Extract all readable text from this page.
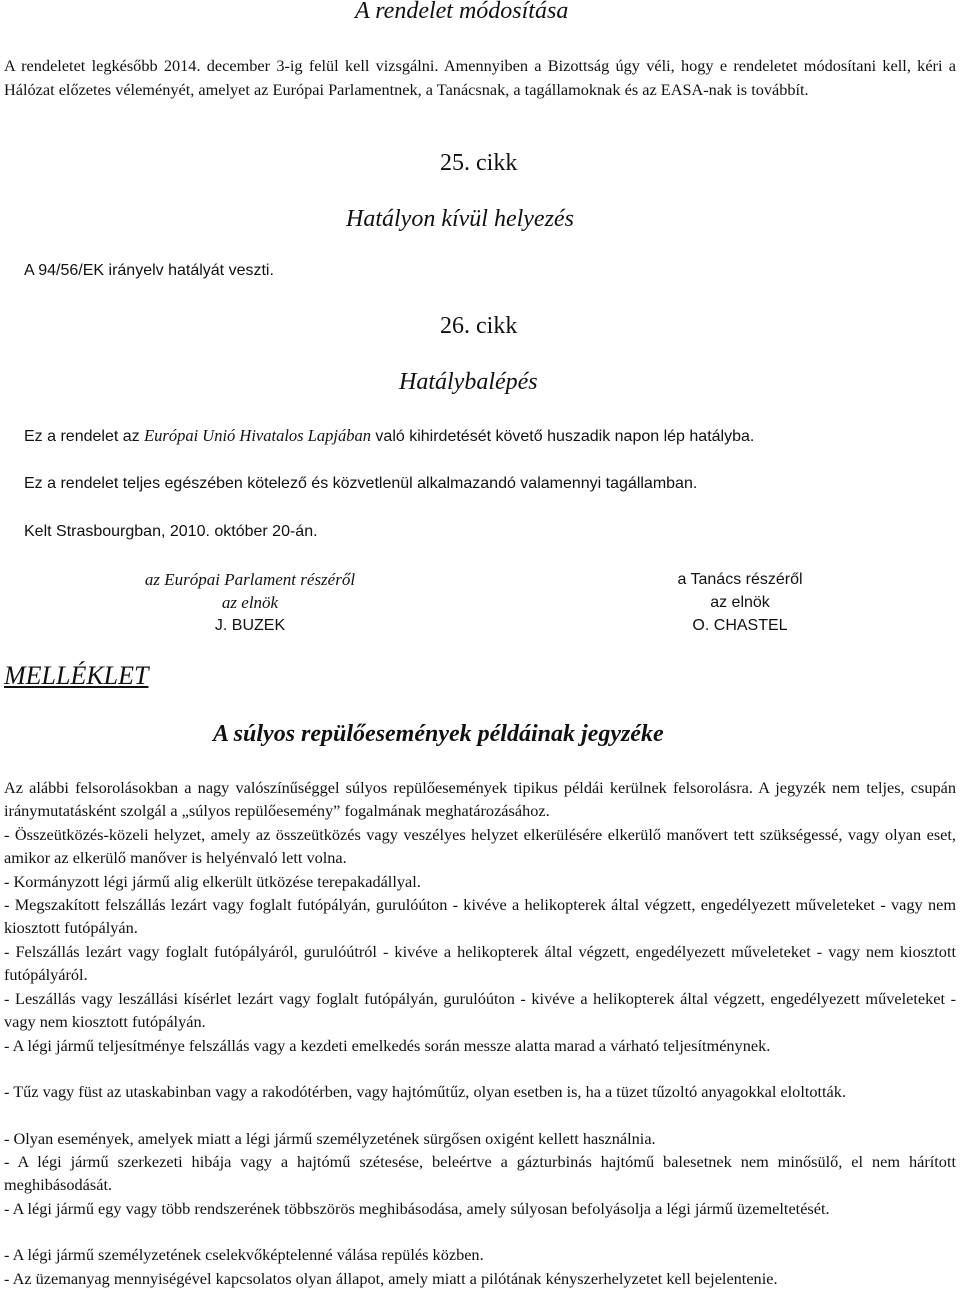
A rendelet módosítása
A rendeletet legkésőbb 2014. december 3-ig felül kell vizsgálni. Amennyiben a Bizottság úgy véli, hogy e rendeletet módosítani kell, kéri a Hálózat előzetes véleményét, amelyet az Európai Parlamentnek, a Tanácsnak, a tagállamoknak és az EASA-nak is továbbít.
25. cikk
Hatályon kívül helyezés
A 94/56/EK irányelv hatályát veszti.
26. cikk
Hatálybalépés
Ez a rendelet az Európai Unió Hivatalos Lapjában való kihirdetését követő huszadik napon lép hatályba.
Ez a rendelet teljes egészében kötelező és közvetlenül alkalmazandó valamennyi tagállamban.
Kelt Strasbourgban, 2010. október 20-án.
az Európai Parlament részéről
az elnök
J. BUZEK
a Tanács részéről
az elnök
O. CHASTEL
MELLÉKLET
A súlyos repülőesemények példáinak jegyzéke
Az alábbi felsorolásokban a nagy valószínűséggel súlyos repülőesemények tipikus példái kerülnek felsorolásra. A jegyzék nem teljes, csupán iránymutatásként szolgál a „súlyos repülőesemény” fogalmának meghatározásához.
- Összeütközés-közeli helyzet, amely az összeütközés vagy veszélyes helyzet elkerülésére elkerülő manővert tett szükségessé, vagy olyan eset, amikor az elkerülő manőver is helyénvaló lett volna.
- Kormányzott légi jármű alig elkerült ütközése terepakadállyal.
- Megszakított felszállás lezárt vagy foglalt futópályán, gurulóúton - kivéve a helikopterek által végzett, engedélyezett műveleteket - vagy nem kiosztott futópályán.
- Felszállás lezárt vagy foglalt futópályáról, gurulóútról - kivéve a helikopterek által végzett, engedélyezett műveleteket - vagy nem kiosztott futópályáról.
- Leszállás vagy leszállási kísérlet lezárt vagy foglalt futópályán, gurulóúton - kivéve a helikopterek által végzett, engedélyezett műveleteket - vagy nem kiosztott futópályán.
- A légi jármű teljesítménye felszállás vagy a kezdeti emelkedés során messze alatta marad a várható teljesítménynek.
- Tűz vagy füst az utaskabinban vagy a rakodótérben, vagy hajtóműtűz, olyan esetben is, ha a tüzet tűzoltó anyagokkal eloltották.
- Olyan események, amelyek miatt a légi jármű személyzetének sürgősen oxigént kellett használnia.
- A légi jármű szerkezeti hibája vagy a hajtómű szétesése, beleértve a gázturbinás hajtómű balesetnek nem minősülő, el nem hárított meghibásodását.
- A légi jármű egy vagy több rendszerének többszörös meghibásodása, amely súlyosan befolyásolja a légi jármű üzemeltetését.
- A légi jármű személyzetének cselekvőképtelenné válása repülés közben.
- Az üzemanyag mennyiségével kapcsolatos olyan állapot, amely miatt a pilótának kényszerhelyzetet kell bejelentenie.
